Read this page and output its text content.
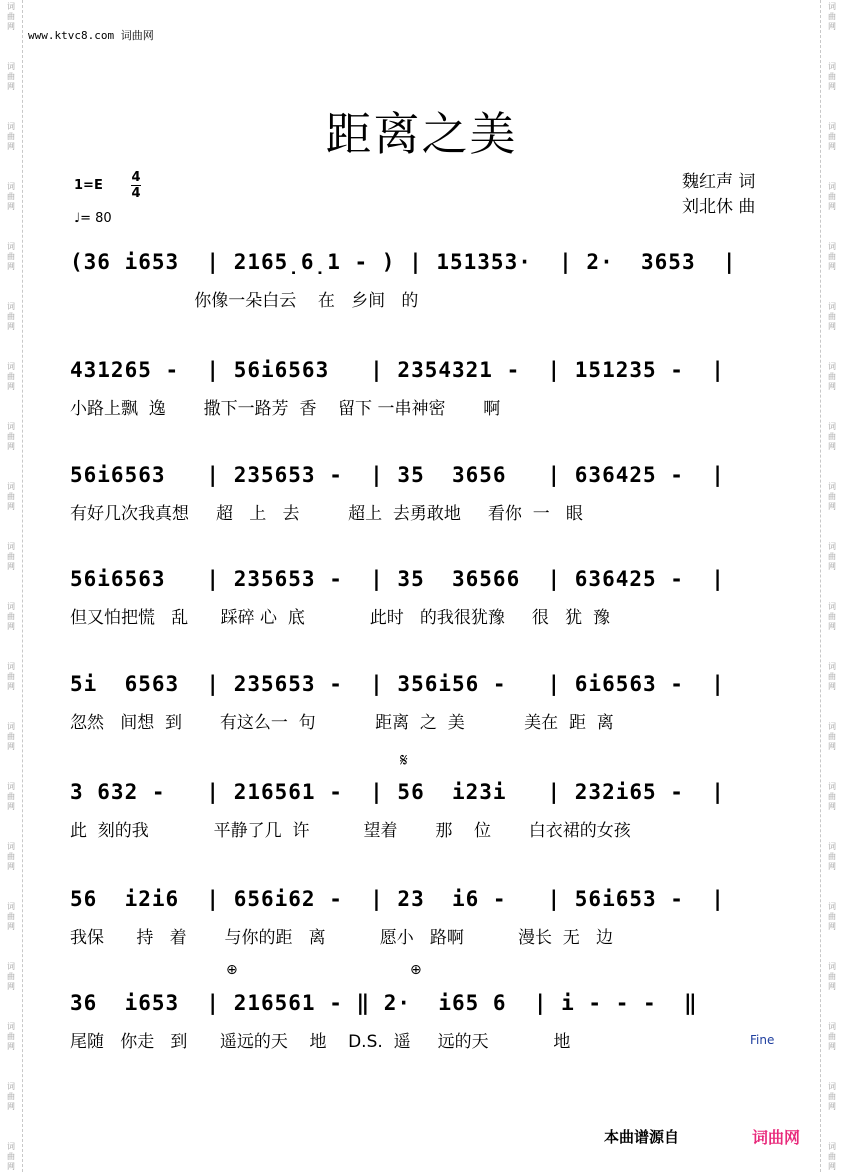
词
曲
网
词
曲
网
词
曲
网
词
曲
网
词
曲
网
词
曲
网
词
曲
网
词
曲
网
词
曲
网
词
曲
网
词
曲
网
词
曲
网
词
曲
网
词
曲
网
词
曲
网
词
曲
网
词
曲
网
词
曲
网
词
曲
网
词
曲
网
词
曲
网
词
曲
网
词
曲
网
词
曲
网
词
曲
网
词
曲
网
词
曲
网
词
曲
网
词
曲
网
词
曲
网
词
曲
网
词
曲
网
词
曲
网
词
曲
网
词
曲
网
词
曲
网
词
曲
网
词
曲
网
词
曲
网
词
曲
网
www.ktvc8.com 词曲网
距离之美
1=E
4
4
♩= 80
魏红声 词
刘北休 曲
(36 i653  | 2165̣6̣1 - ) | 151353·  | 2·  3653  |
你像一朵白云    在   乡间   的
431265 -  | 56i6563   | 2354321 -  | 151235 -  |
小路上飘  逸       撒下一路芳  香    留下 一串神密       啊
56i6563   | 235653 -  | 35  3656   | 636425 -  |
有好几次我真想     超   上   去         超上  去勇敢地     看你  一   眼
56i6563   | 235653 -  | 35  36566  | 636425 -  |
但又怕把慌   乱      踩碎 心  底            此时   的我很犹豫     很   犹  豫
5i  6563  | 235653 -  | 356i56 -   | 6i6563 -  |
忽然   间想  到       有这么一  句           距离  之  美           美在  距  离
3 632 -   | 216561 -  | 56  i23i   | 232i65 -  |
此  刻的我            平静了几  许          望着       那    位       白衣裙的女孩
56  i2i6  | 656i62 -  | 23  i6 -   | 56i653 -  |
我保      持   着       与你的距   离          愿小   路啊          漫长  无   边
36  i653  | 216561 - ‖ 2·  i65 6  | i - - -  ‖
尾随   你走   到      遥远的天    地    D.S.  遥     远的天            地
𝄋
⊕	⊕
Fine
本曲谱源自	词曲网
